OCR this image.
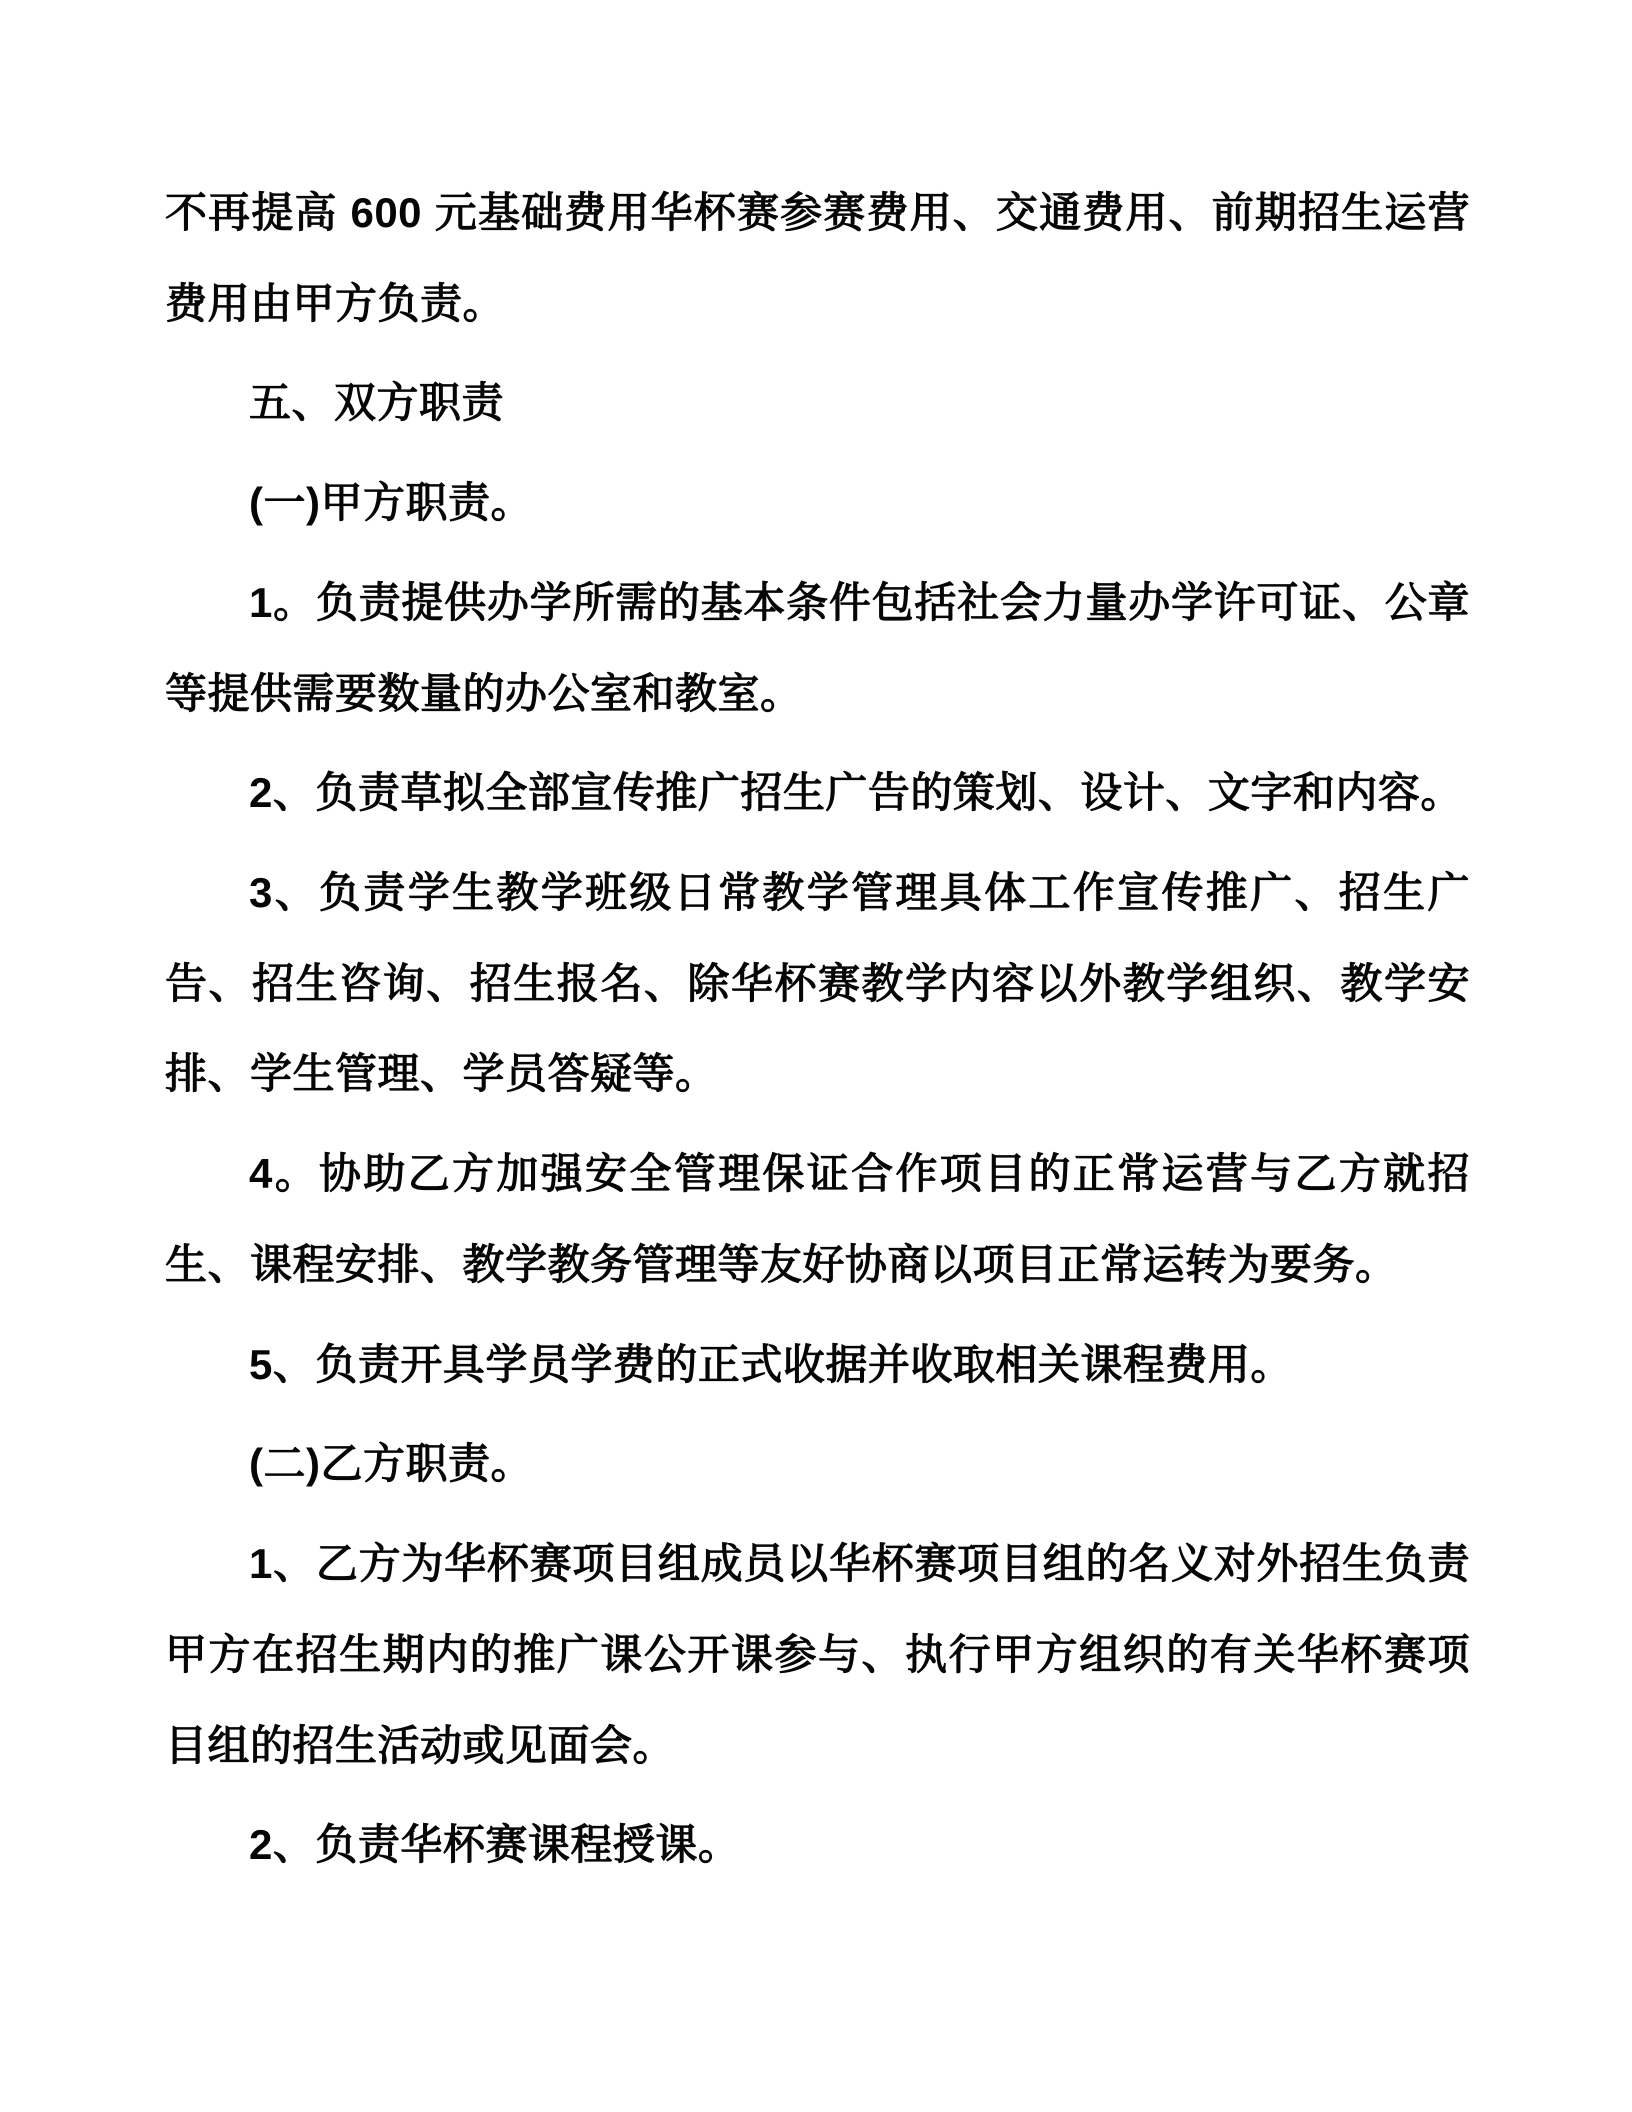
不再提高 600 元基础费用华杯赛参赛费用、交通费用、前期招生运营费用由甲方负责。

五、双方职责

(一)甲方职责。

1。负责提供办学所需的基本条件包括社会力量办学许可证、公章等提供需要数量的办公室和教室。

2、负责草拟全部宣传推广招生广告的策划、设计、文字和内容。

3、负责学生教学班级日常教学管理具体工作宣传推广、招生广告、招生咨询、招生报名、除华杯赛教学内容以外教学组织、教学安排、学生管理、学员答疑等。

4。协助乙方加强安全管理保证合作项目的正常运营与乙方就招生、课程安排、教学教务管理等友好协商以项目正常运转为要务。

5、负责开具学员学费的正式收据并收取相关课程费用。

(二)乙方职责。

1、乙方为华杯赛项目组成员以华杯赛项目组的名义对外招生负责甲方在招生期内的推广课公开课参与、执行甲方组织的有关华杯赛项目组的招生活动或见面会。

2、负责华杯赛课程授课。
